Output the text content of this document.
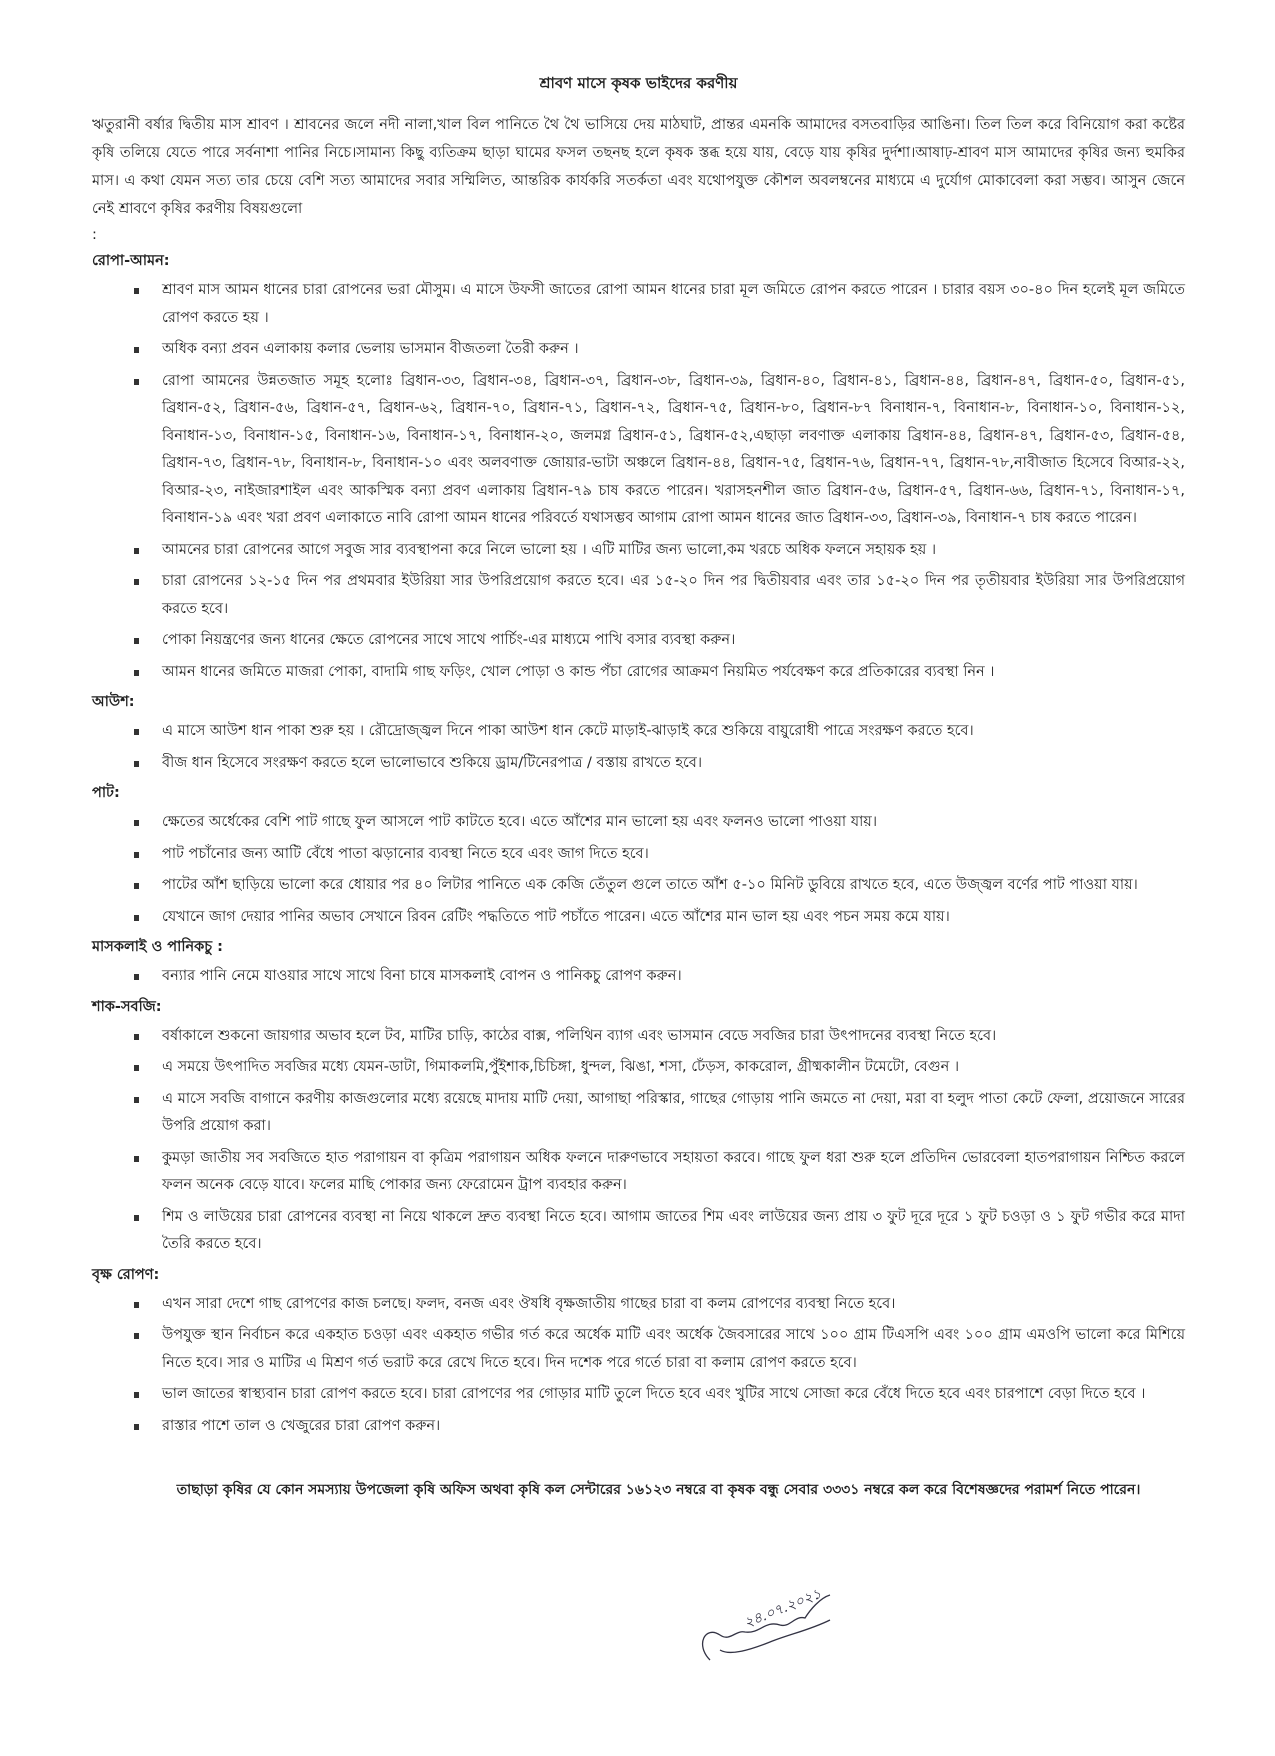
শ্রাবণ মাসে কৃষক ভাইদের করণীয়

ঋতুরানী বর্ষার দ্বিতীয় মাস শ্রাবণ । শ্রাবনের জলে নদী নালা,খাল বিল পানিতে থৈ থৈ ভাসিয়ে দেয় মাঠঘাট, প্রান্তর এমনকি আমাদের বসতবাড়ির আঙিনা। তিল তিল করে বিনিয়োগ করা কষ্টের কৃষি তলিয়ে যেতে পারে সর্বনাশা পানির নিচে।সামান্য কিছু ব্যতিক্রম ছাড়া ঘামের ফসল তছনছ হলে কৃষক স্তব্ধ হয়ে যায়, বেড়ে যায় কৃষির দুর্দশা।আষাঢ়-শ্রাবণ মাস আমাদের কৃষির জন্য হুমকির মাস। এ কথা যেমন সত্য তার চেয়ে বেশি সত্য আমাদের সবার সম্মিলিত, আন্তরিক কার্যকরি সতর্কতা এবং যথোপযুক্ত কৌশল অবলম্বনের মাধ্যমে এ দুর্যোগ মোকাবেলা করা সম্ভব। আসুন জেনে নেই শ্রাবণে কৃষির করণীয় বিষয়গুলো

:

রোপা-আমন:
শ্রাবণ মাস আমন ধানের চারা রোপনের ভরা মৌসুম। এ মাসে উফসী জাতের রোপা আমন ধানের চারা মূল জমিতে রোপন করতে পারেন । চারার বয়স ৩০-৪০ দিন হলেই মূল জমিতে রোপণ করতে হয় ।
অধিক বন্যা প্রবন এলাকায় কলার ভেলায় ভাসমান বীজতলা তৈরী করুন ।
রোপা আমনের উন্নতজাত সমূহ হলোঃ ব্রিধান-৩৩, ব্রিধান-৩৪, ব্রিধান-৩৭, ব্রিধান-৩৮, ব্রিধান-৩৯, ব্রিধান-৪০, ব্রিধান-৪১, ব্রিধান-৪৪, ব্রিধান-৪৭, ব্রিধান-৫০, ব্রিধান-৫১, ব্রিধান-৫২, ব্রিধান-৫৬, ব্রিধান-৫৭, ব্রিধান-৬২, ব্রিধান-৭০, ব্রিধান-৭১, ব্রিধান-৭২, ব্রিধান-৭৫, ব্রিধান-৮০, ব্রিধান-৮৭ বিনাধান-৭, বিনাধান-৮, বিনাধান-১০, বিনাধান-১২, বিনাধান-১৩, বিনাধান-১৫, বিনাধান-১৬, বিনাধান-১৭, বিনাধান-২০, জলমগ্ন ব্রিধান-৫১, ব্রিধান-৫২,এছাড়া লবণাক্ত এলাকায় ব্রিধান-৪৪, ব্রিধান-৪৭, ব্রিধান-৫৩, ব্রিধান-৫৪, ব্রিধান-৭৩, ব্রিধান-৭৮, বিনাধান-৮, বিনাধান-১০ এবং অলবণাক্ত জোয়ার-ভাটা অঞ্চলে ব্রিধান-৪৪, ব্রিধান-৭৫, ব্রিধান-৭৬, ব্রিধান-৭৭, ব্রিধান-৭৮,নাবীজাত হিসেবে বিআর-২২, বিআর-২৩, নাইজারশাইল এবং আকস্মিক বন্যা প্রবণ এলাকায় ব্রিধান-৭৯ চাষ করতে পারেন। খরাসহনশীল জাত ব্রিধান-৫৬, ব্রিধান-৫৭, ব্রিধান-৬৬, ব্রিধান-৭১, বিনাধান-১৭, বিনাধান-১৯ এবং খরা প্রবণ এলাকাতে নাবি রোপা আমন ধানের পরিবর্তে যথাসম্ভব আগাম রোপা আমন ধানের জাত ব্রিধান-৩৩, ব্রিধান-৩৯, বিনাধান-৭ চাষ করতে পারেন।
আমনের চারা রোপনের আগে সবুজ সার ব্যবস্থাপনা করে নিলে ভালো হয় । এটি মাটির জন্য ভালো,কম খরচে অধিক ফলনে সহায়ক হয় ।
চারা রোপনের ১২-১৫ দিন পর প্রথমবার ইউরিয়া সার উপরিপ্রয়োগ করতে হবে। এর ১৫-২০ দিন পর দ্বিতীয়বার এবং তার ১৫-২০ দিন পর তৃতীয়বার ইউরিয়া সার উপরিপ্রয়োগ করতে হবে।
পোকা নিয়ন্ত্রণের জন্য ধানের ক্ষেতে রোপনের সাথে সাথে পার্চিং-এর মাধ্যমে পাখি বসার ব্যবস্থা করুন।
আমন ধানের জমিতে মাজরা পোকা, বাদামি গাছ ফড়িং, খোল পোড়া ও কান্ড পঁচা রোগের আক্রমণ নিয়মিত পর্যবেক্ষণ করে প্রতিকারের ব্যবস্থা নিন ।
আউশ:
এ মাসে আউশ ধান পাকা শুরু হয় । রৌদ্রোজ্জ্বল দিনে পাকা আউশ ধান কেটে মাড়াই-ঝাড়াই করে শুকিয়ে বায়ুরোধী পাত্রে সংরক্ষণ করতে হবে।
বীজ ধান হিসেবে সংরক্ষণ করতে হলে ভালোভাবে শুকিয়ে ড্রাম/টিনেরপাত্র / বস্তায় রাখতে হবে।
পাট:
ক্ষেতের অর্ধেকের বেশি পাট গাছে ফুল আসলে পাট কাটতে হবে। এতে আঁশের মান ভালো হয় এবং ফলনও ভালো পাওয়া যায়।
পাট পচাঁনোর জন্য আটি বেঁধে পাতা ঝড়ানোর ব্যবস্থা নিতে হবে এবং জাগ দিতে হবে।
পাটের আঁশ ছাড়িয়ে ভালো করে ধোয়ার পর ৪০ লিটার পানিতে এক কেজি তেঁতুল গুলে তাতে আঁশ ৫-১০ মিনিট ডুবিয়ে রাখতে হবে, এতে উজ্জ্বল বর্ণের পাট পাওয়া যায়।
যেখানে জাগ দেয়ার পানির অভাব সেখানে রিবন রেটিং পদ্ধতিতে পাট পচাঁতে পারেন। এতে আঁশের মান ভাল হয় এবং পচন সময় কমে যায়।
মাসকলাই ও পানিকচু :
বন্যার পানি নেমে যাওয়ার সাথে সাথে বিনা চাষে মাসকলাই বোপন ও পানিকচু রোপণ করুন।
শাক-সবজি:
বর্ষাকালে শুকনো জায়গার অভাব হলে টব, মাটির চাড়ি, কাঠের বাক্স, পলিথিন ব্যাগ এবং ভাসমান বেডে সবজির চারা উৎপাদনের ব্যবস্থা নিতে হবে।
এ সময়ে উৎপাদিত সবজির মধ্যে যেমন-ডাটা, গিমাকলমি,পুঁইশাক,চিচিঙ্গা, ধুন্দল, ঝিঙা, শসা, ঢেঁড়স, কাকরোল, গ্রীষ্মকালীন টমেটো, বেগুন ।
এ মাসে সবজি বাগানে করণীয় কাজগুলোর মধ্যে রয়েছে মাদায় মাটি দেয়া, আগাছা পরিস্কার, গাছের গোড়ায় পানি জমতে না দেয়া, মরা বা হলুদ পাতা কেটে ফেলা, প্রয়োজনে সারের উপরি প্রয়োগ করা।
কুমড়া জাতীয় সব সবজিতে হাত পরাগায়ন বা কৃত্রিম পরাগায়ন অধিক ফলনে দারুণভাবে সহায়তা করবে। গাছে ফুল ধরা শুরু হলে প্রতিদিন ভোরবেলা হাতপরাগায়ন নিশ্চিত করলে ফলন অনেক বেড়ে যাবে। ফলের মাছি পোকার জন্য ফেরোমেন ট্রাপ ব্যবহার করুন।
শিম ও লাউয়ের চারা রোপনের ব্যবস্থা না নিয়ে থাকলে দ্রুত ব্যবস্থা নিতে হবে। আগাম জাতের শিম এবং লাউয়ের জন্য প্রায় ৩ ফুট দূরে দূরে ১ ফুট চওড়া ও ১ ফুট গভীর করে মাদা তৈরি করতে হবে।
বৃক্ষ রোপণ:
এখন সারা দেশে গাছ রোপণের কাজ চলছে। ফলদ, বনজ এবং ঔষধি বৃক্ষজাতীয় গাছের চারা বা কলম রোপণের ব্যবস্থা নিতে হবে।
উপযুক্ত স্থান নির্বাচন করে একহাত চওড়া এবং একহাত গভীর গর্ত করে অর্ধেক মাটি এবং অর্ধেক জৈবসারের সাথে ১০০ গ্রাম টিএসপি এবং ১০০ গ্রাম এমওপি ভালো করে মিশিয়ে নিতে হবে। সার ও মাটির এ মিশ্রণ গর্ত ভরাট করে রেখে দিতে হবে। দিন দশেক পরে গর্তে চারা বা কলাম রোপণ করতে হবে।
ভাল জাতের স্বাস্থ্যবান চারা রোপণ করতে হবে। চারা রোপণের পর গোড়ার মাটি তুলে দিতে হবে এবং খুটির সাথে সোজা করে বেঁধে দিতে হবে এবং চারপাশে বেড়া দিতে হবে ।
রাস্তার পাশে তাল ও খেজুরের চারা রোপণ করুন।

তাছাড়া কৃষির যে কোন সমস্যায় উপজেলা কৃষি অফিস অথবা কৃষি কল সেন্টারের ১৬১২৩ নম্বরে বা কৃষক বন্ধু সেবার ৩৩৩১ নম্বরে কল করে বিশেষজ্ঞদের পরামর্শ নিতে পারেন।

২৪.০৭.২০২১
